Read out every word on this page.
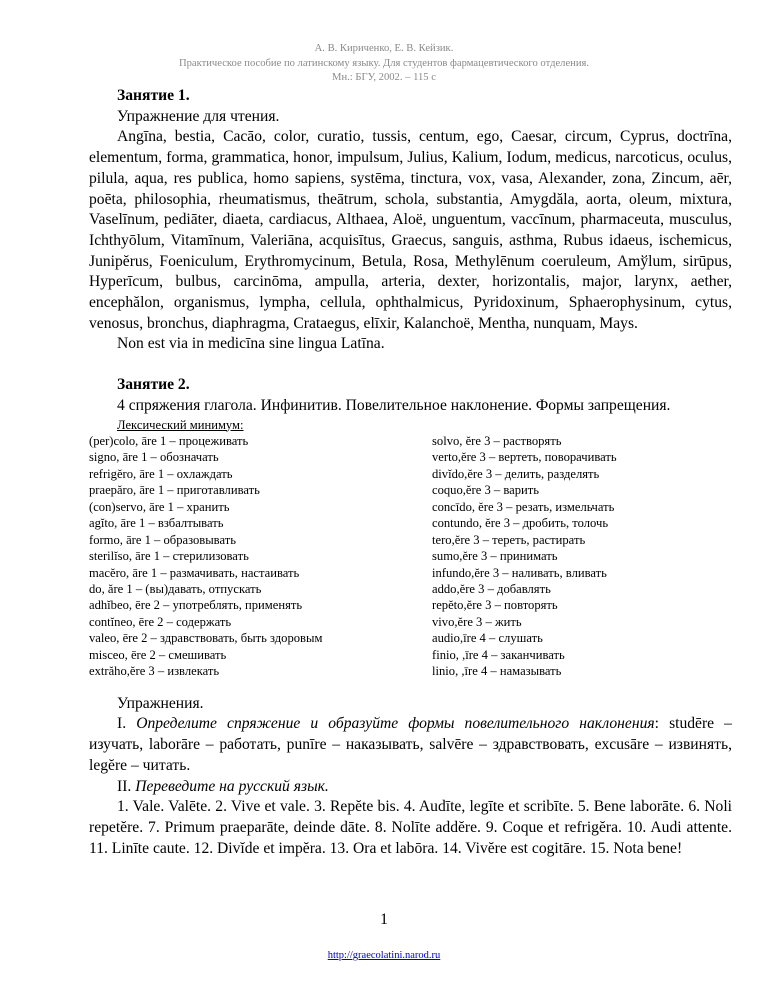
А. В. Кириченко, Е. В. Кейзик.
Практическое пособие по латинскому языку. Для студентов фармацевтического отделения.
Мн.: БГУ, 2002. – 115 с

Занятие 1.

Упражнение для чтения.

Angīna, bestia, Cacāo, color, curatio, tussis, centum, ego, Caesar, circum, Cyprus, doctrīna, elementum, forma, grammatica, honor, impulsum, Julius, Kalium, Iodum, medicus, narcoticus, oculus, pilula, aqua, res publica, homo sapiens, systēma, tinctura, vox, vasa, Alexander, zona, Zincum, aēr, poēta, philosophia, rheumatismus, theātrum, schola, substantia, Amygdăla, aorta, oleum, mixtura, Vaselīnum, pediāter, diaeta, cardiacus, Althaea, Aloë, unguentum, vaccīnum, pharmaceuta, musculus, Ichthyōlum, Vitamīnum, Valeriāna, acquisītus, Graecus, sanguis, asthma, Rubus idaeus, ischemicus, Junipĕrus, Foeniculum, Erythromycinum, Betula, Rosa, Methylēnum coeruleum, Amўlum, sirūpus, Hyperīcum, bulbus, carcinōma, ampulla, arteria, dexter, horizontalis, major, larynx, aether, encephălon, organismus, lympha, cellula, ophthalmicus, Pyridoxinum, Sphaerophysinum, cytus, venosus, bronchus, diaphragma, Crataegus, elīxir, Kalanchoë, Mentha, nunquam, Mays.

Non est via in medicīna sine lingua Latīna.

Занятие 2.

4 спряжения глагола. Инфинитив. Повелительное наклонение. Формы запрещения.

Лексический минимум:

(per)colo, āre 1 – процеживать
signo, āre 1 – обозначать
refrigĕro, āre 1 – охлаждать
praepăro, āre 1 – приготавливать
(con)servo, āre 1 – хранить
agĭto, āre 1 – взбалтывать
formo, āre 1 – образовывать
sterilĭso, āre 1 – стерилизовать
macĕro, āre 1 – размачивать, настаивать
do, ăre 1 – (вы)давать, отпускать
adhĭbeo, ēre 2 – употреблять, применять
contĭneo, ēre 2 – содержать
valeo, ēre 2 – здравствовать, быть здоровым
misceo, ēre 2 – смешивать
extrăho,ĕre 3 – извлекать
solvo, ĕre 3 – растворять
verto,ĕre 3 – вертеть, поворачивать
divĭdo,ĕre 3 – делить, разделять
coquo,ĕre 3 – варить
concīdo, ĕre 3 – резать, измельчать
contundo, ĕre 3 – дробить, толочь
tero,ĕre 3 – тереть, растирать
sumo,ĕre 3 – принимать
infundo,ĕre 3 – наливать, вливать
addo,ĕre 3 – добавлять
repĕto,ĕre 3 – повторять
vivo,ĕre 3 – жить
audio,īre 4 – слушать
finio, ,īre 4 – заканчивать
linio, ,īre 4 – намазывать

Упражнения.

I. Определите спряжение и образуйте формы повелительного наклонения: studēre – изучать, laborāre – работать, punīre – наказывать, salvēre – здравствовать, excusāre – извинять, legĕre – читать.

II. Переведите на русский язык.

1. Vale. Valēte. 2. Vive et vale. 3. Repĕte bis. 4. Audīte, legīte et scribīte. 5. Bene laborāte. 6. Noli repetĕre. 7. Primum praeparāte, deinde dāte. 8. Nolīte addĕre. 9. Coque et refrigĕra. 10. Audi attente. 11. Linīte caute. 12. Divĭde et impĕra. 13. Ora et labōra. 14. Vivĕre est cogitāre. 15. Nota bene!

1
http://graecolatini.narod.ru
